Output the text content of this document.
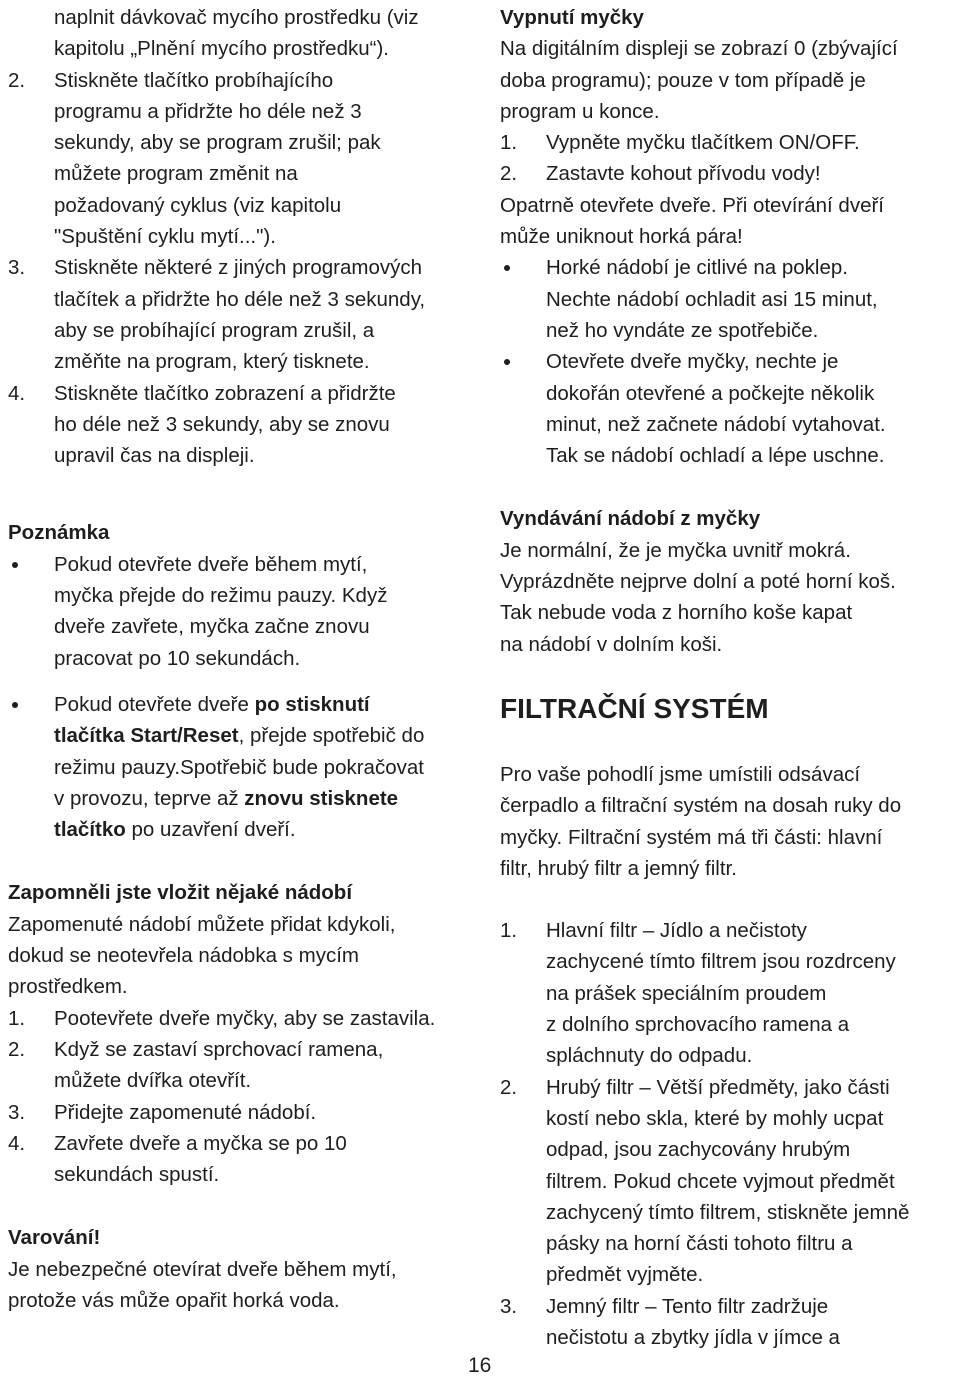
naplnit dávkovač mycího prostředku (viz
kapitolu „Plnění mycího prostředku“).
2.	Stiskněte tlačítko probíhajícího
programu a přidržte ho déle než 3
sekundy, aby se program zrušil; pak
můžete program změnit na
požadovaný cyklus (viz kapitolu
"Spuštění cyklu mytí...").
3.	Stiskněte některé z jiných programových
tlačítek a přidržte ho déle než 3 sekundy,
aby se probíhající program zrušil, a
změňte na program, který tisknete.
4.	Stiskněte tlačítko zobrazení a přidržte
ho déle než 3 sekundy, aby se znovu
upravil čas na displeji.

Poznámka

Pokud otevřete dveře během mytí,
myčka přejde do režimu pauzy. Když
dveře zavřete, myčka začne znovu
pracovat po 10 sekundách.
Pokud otevřete dveře po stisknutí
tlačítka Start/Reset, přejde spotřebič do
režimu pauzy.Spotřebič bude pokračovat
v provozu, teprve až znovu stisknete
tlačítko po uzavření dveří.

Zapomněli jste vložit nějaké nádobí

Zapomenuté nádobí můžete přidat kdykoli,
dokud se neotevřela nádobka s mycím
prostředkem.
1.	Pootevřete dveře myčky, aby se zastavila.
2.	Když se zastaví sprchovací ramena,
můžete dvířka otevřít.
3.	Přidejte zapomenuté nádobí.
4.	Zavřete dveře a myčka se po 10
sekundách spustí.

Varování!

Je nebezpečné otevírat dveře během mytí,
protože vás může opařit horká voda.

Vypnutí myčky

Na digitálním displeji se zobrazí 0 (zbývající
doba programu); pouze v tom případě je
program u konce.
1.	Vypněte myčku tlačítkem ON/OFF.
2.	Zastavte kohout přívodu vody!
Opatrně otevřete dveře. Při otevírání dveří
může uniknout horká pára!
Horké nádobí je citlivé na poklep.
Nechte nádobí ochladit asi 15 minut,
než ho vyndáte ze spotřebiče.
Otevřete dveře myčky, nechte je
dokořán otevřené a počkejte několik
minut, než začnete nádobí vytahovat.
Tak se nádobí ochladí a lépe uschne.

Vyndávání nádobí z myčky

Je normální, že je myčka uvnitř mokrá.
Vyprázdněte nejprve dolní a poté horní koš.
Tak nebude voda z horního koše kapat
na nádobí v dolním koši.

FILTRAČNÍ SYSTÉM

Pro vaše pohodlí jsme umístili odsávací
čerpadlo a filtrační systém na dosah ruky do
myčky. Filtrační systém má tři části: hlavní
filtr, hrubý filtr a jemný filtr.
1.	Hlavní filtr – Jídlo a nečistoty
zachycené tímto filtrem jsou rozdrceny
na prášek speciálním proudem
z dolního sprchovacího ramena a
spláchnuty do odpadu.
2.	Hrubý filtr – Větší předměty, jako části
kostí nebo skla, které by mohly ucpat
odpad, jsou zachycovány hrubým
filtrem. Pokud chcete vyjmout předmět
zachycený tímto filtrem, stiskněte jemně
pásky na horní části tohoto filtru a
předmět vyjměte.
3.	Jemný filtr – Tento filtr zadržuje
nečistotu a zbytky jídla v jímce a
16
